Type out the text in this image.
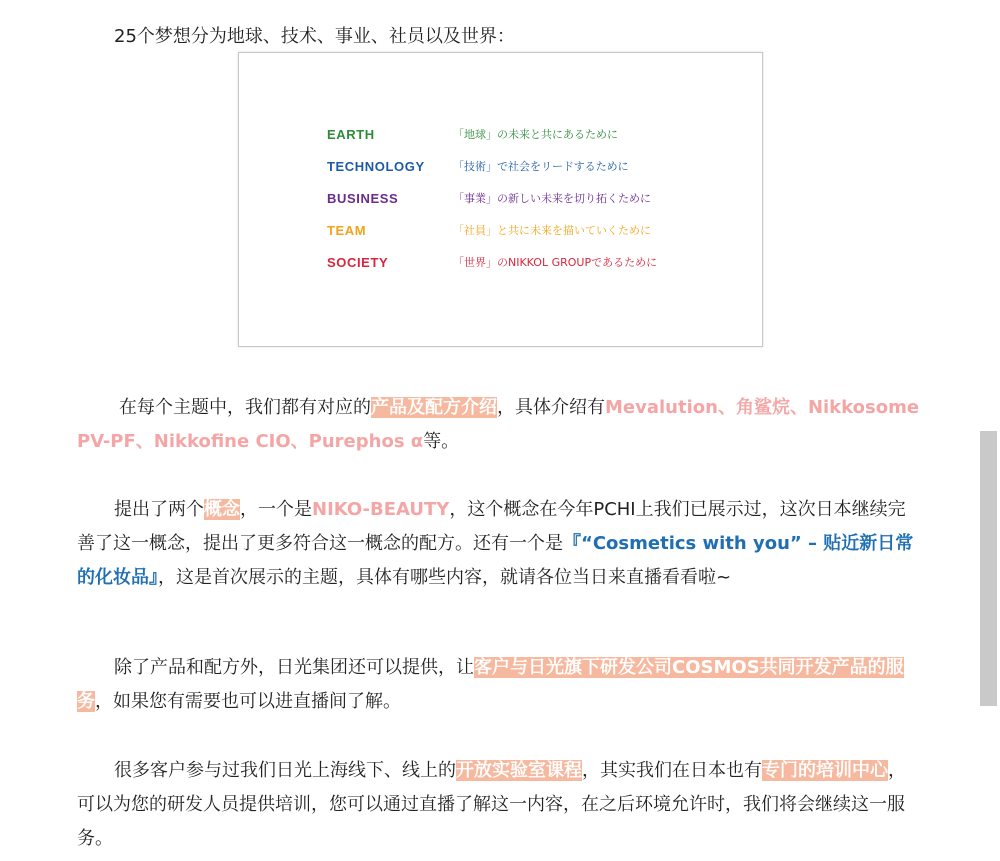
25个梦想分为地球、技术、事业、社员以及世界：

EARTH	「地球」の未来と共にあるために
TECHNOLOGY	「技術」で社会をリードするために
BUSINESS	「事業」の新しい未来を切り拓くために
TEAM	「社員」と共に未来を描いていくために
SOCIETY	「世界」のNIKKOL GROUPであるために

在每个主题中，我们都有对应的产品及配方介绍，具体介绍有Mevalution、角鲨烷、Nikkosome PV-PF、Nikkofine CIO、Purephos α等。

提出了两个概念，一个是NIKO-BEAUTY，这个概念在今年PCHI上我们已展示过，这次日本继续完善了这一概念，提出了更多符合这一概念的配方。还有一个是『“Cosmetics with you” – 贴近新日常的化妆品』，这是首次展示的主题，具体有哪些内容，就请各位当日来直播看看啦~

除了产品和配方外，日光集团还可以提供，让客户与日光旗下研发公司COSMOS共同开发产品的服务，如果您有需要也可以进直播间了解。

很多客户参与过我们日光上海线下、线上的开放实验室课程，其实我们在日本也有专门的培训中心，可以为您的研发人员提供培训，您可以通过直播了解这一内容，在之后环境允许时，我们将会继续这一服务。
